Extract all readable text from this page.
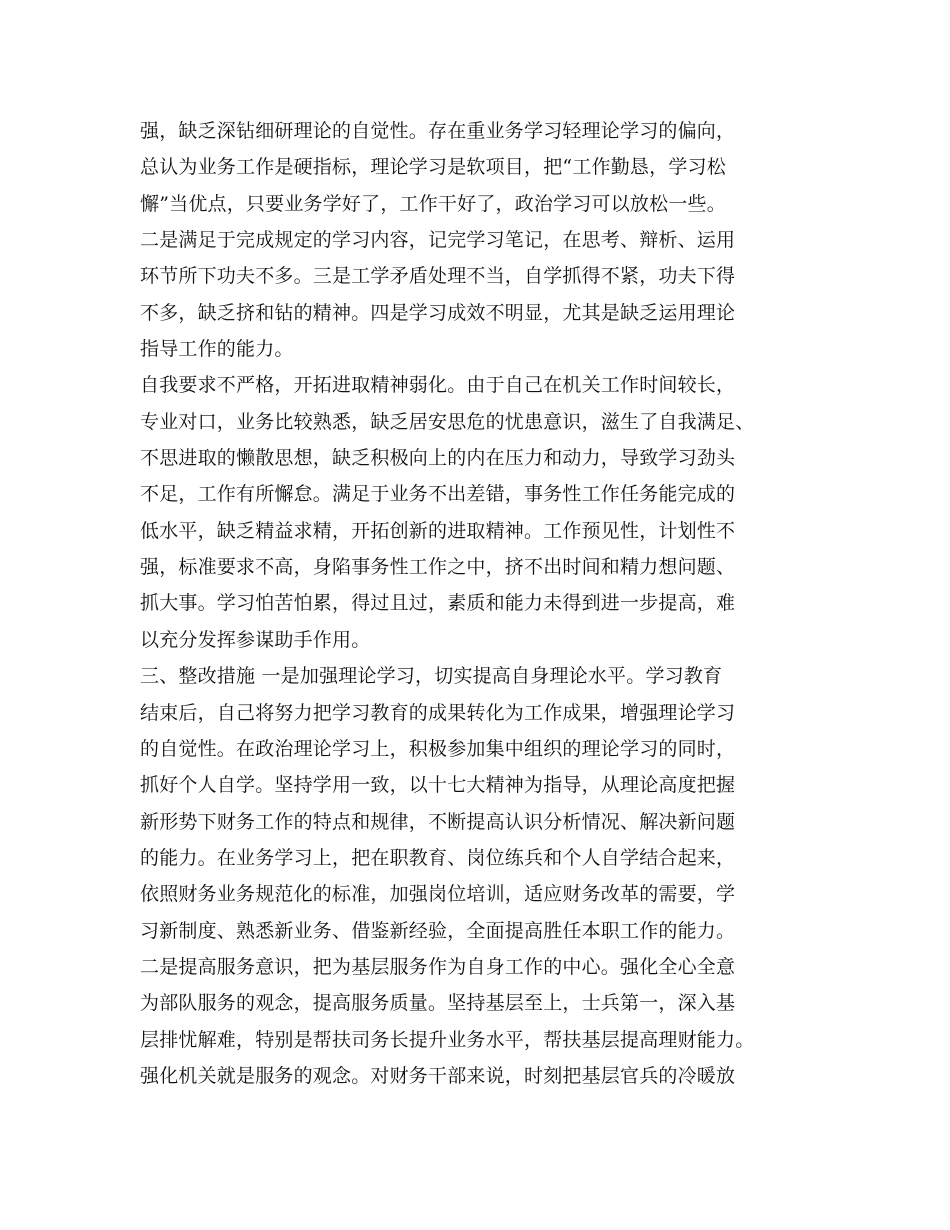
强，缺乏深钻细研理论的自觉性。存在重业务学习轻理论学习的偏向，
总认为业务工作是硬指标，理论学习是软项目，把“工作勤恳，学习松
懈”当优点，只要业务学好了，工作干好了，政治学习可以放松一些。
二是满足于完成规定的学习内容，记完学习笔记，在思考、辩析、运用
环节所下功夫不多。三是工学矛盾处理不当，自学抓得不紧，功夫下得
不多，缺乏挤和钻的精神。四是学习成效不明显，尤其是缺乏运用理论
指导工作的能力。
自我要求不严格，开拓进取精神弱化。由于自己在机关工作时间较长，
专业对口，业务比较熟悉，缺乏居安思危的忧患意识，滋生了自我满足、
不思进取的懒散思想，缺乏积极向上的内在压力和动力，导致学习劲头
不足，工作有所懈怠。满足于业务不出差错，事务性工作任务能完成的
低水平，缺乏精益求精，开拓创新的进取精神。工作预见性，计划性不
强，标准要求不高，身陷事务性工作之中，挤不出时间和精力想问题、
抓大事。学习怕苦怕累，得过且过，素质和能力未得到进一步提高，难
以充分发挥参谋助手作用。
三、整改措施 一是加强理论学习，切实提高自身理论水平。学习教育
结束后，自己将努力把学习教育的成果转化为工作成果，增强理论学习
的自觉性。在政治理论学习上，积极参加集中组织的理论学习的同时，
抓好个人自学。坚持学用一致，以十七大精神为指导，从理论高度把握
新形势下财务工作的特点和规律，不断提高认识分析情况、解决新问题
的能力。在业务学习上，把在职教育、岗位练兵和个人自学结合起来，
依照财务业务规范化的标准，加强岗位培训，适应财务改革的需要，学
习新制度、熟悉新业务、借鉴新经验，全面提高胜任本职工作的能力。
二是提高服务意识，把为基层服务作为自身工作的中心。强化全心全意
为部队服务的观念，提高服务质量。坚持基层至上，士兵第一，深入基
层排忧解难，特别是帮扶司务长提升业务水平，帮扶基层提高理财能力。
强化机关就是服务的观念。对财务干部来说，时刻把基层官兵的冷暖放
